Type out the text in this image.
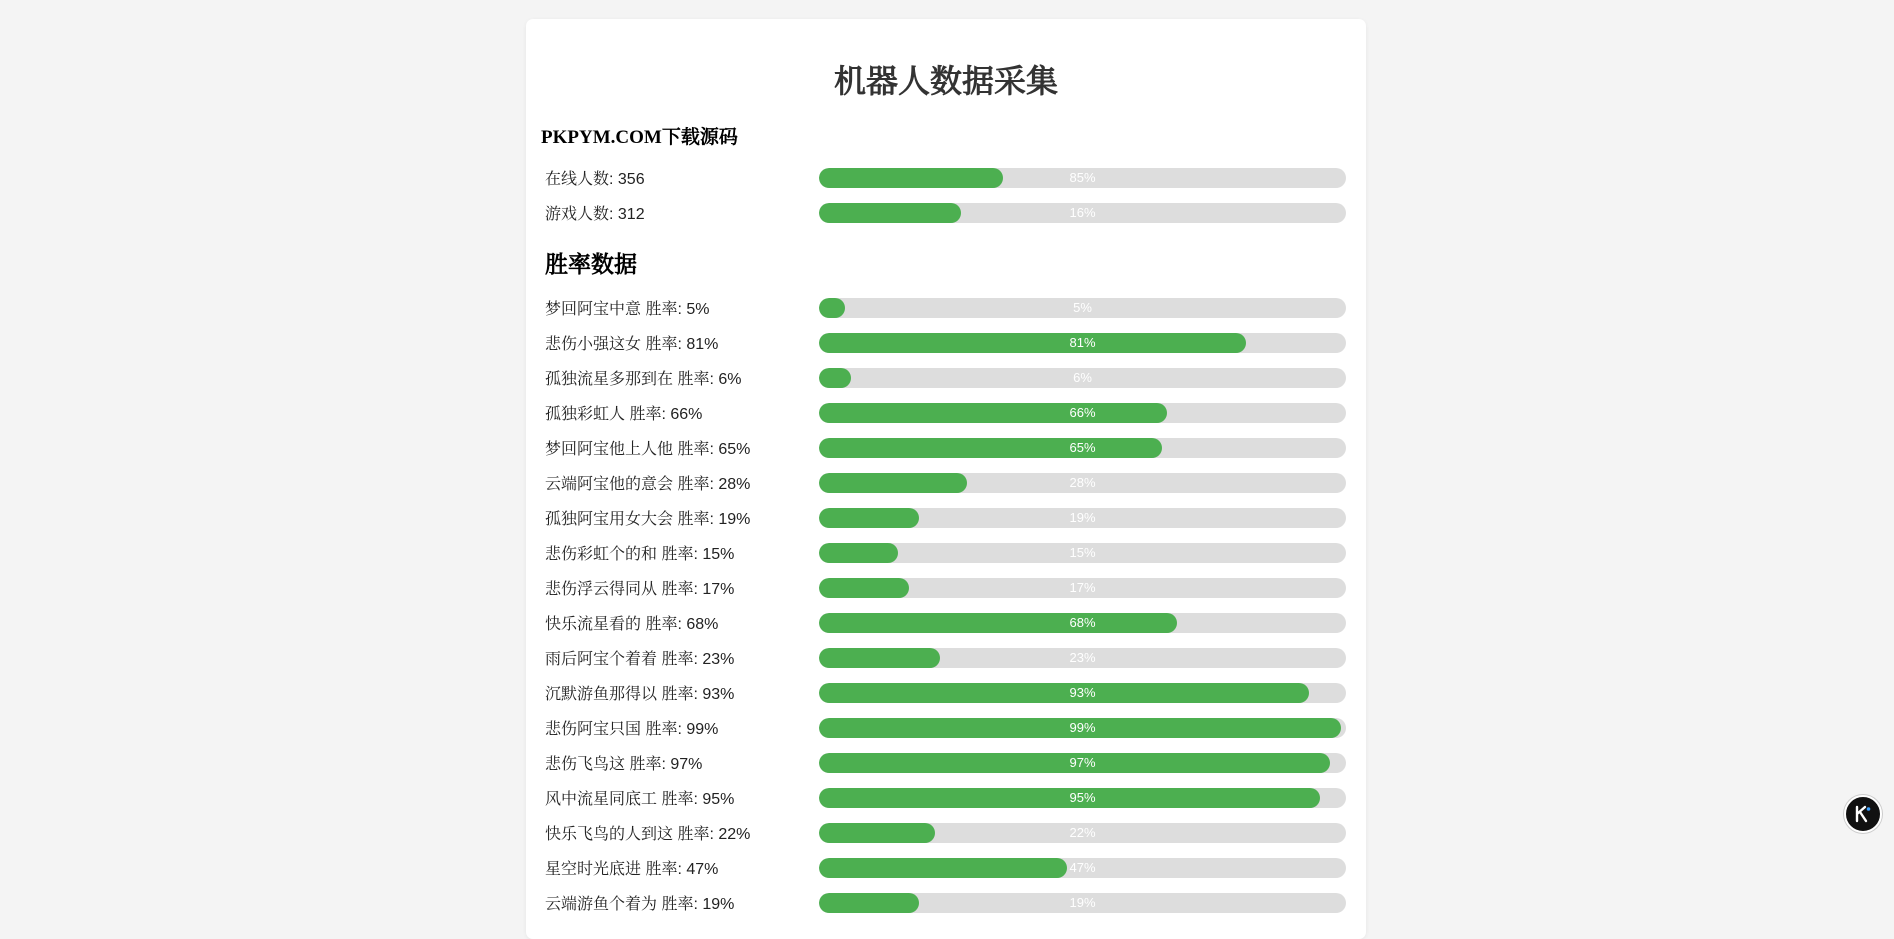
机器人数据采集
PKPYM.COM下载源码
在线人数: 356	85%
游戏人数: 312	16%
胜率数据
梦回阿宝中意 胜率: 5%	5%
悲伤小强这女 胜率: 81%	81%
孤独流星多那到在 胜率: 6%	6%
孤独彩虹人 胜率: 66%	66%
梦回阿宝他上人他 胜率: 65%	65%
云端阿宝他的意会 胜率: 28%	28%
孤独阿宝用女大会 胜率: 19%	19%
悲伤彩虹个的和 胜率: 15%	15%
悲伤浮云得同从 胜率: 17%	17%
快乐流星看的 胜率: 68%	68%
雨后阿宝个着着 胜率: 23%	23%
沉默游鱼那得以 胜率: 93%	93%
悲伤阿宝只国 胜率: 99%	99%
悲伤飞鸟这 胜率: 97%	97%
风中流星同底工 胜率: 95%	95%
快乐飞鸟的人到这 胜率: 22%	22%
星空时光底进 胜率: 47%	47%
云端游鱼个着为 胜率: 19%	19%
